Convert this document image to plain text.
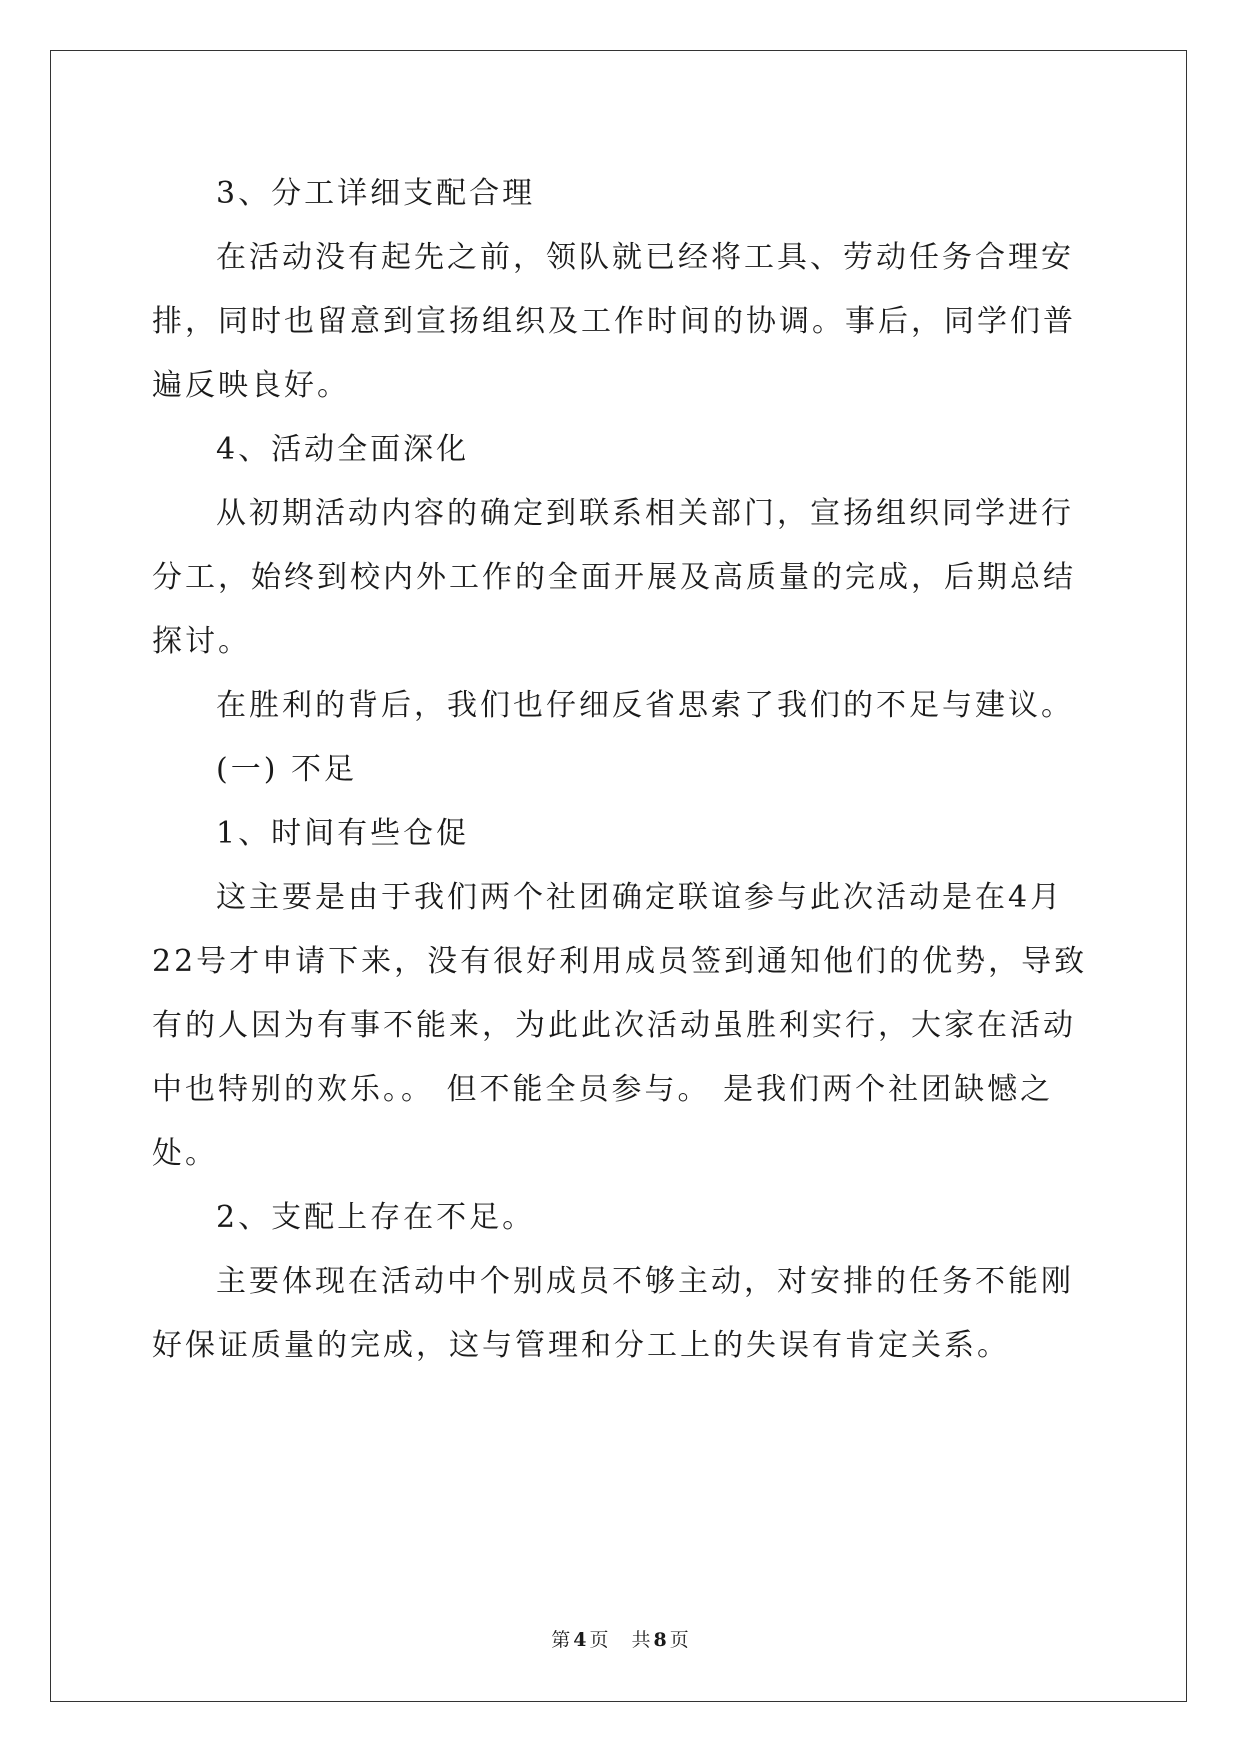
3、分工详细支配合理

在活动没有起先之前，领队就已经将工具、劳动任务合理安排，同时也留意到宣扬组织及工作时间的协调。事后，同学们普遍反映良好。

4、活动全面深化

从初期活动内容的确定到联系相关部门，宣扬组织同学进行分工，始终到校内外工作的全面开展及高质量的完成，后期总结探讨。

在胜利的背后，我们也仔细反省思索了我们的不足与建议。

(一) 不足

1、时间有些仓促

这主要是由于我们两个社团确定联谊参与此次活动是在4月22号才申请下来，没有很好利用成员签到通知他们的优势，导致有的人因为有事不能来，为此此次活动虽胜利实行，大家在活动中也特别的欢乐。。 但不能全员参与。 是我们两个社团缺憾之处。

2、支配上存在不足。

主要体现在活动中个别成员不够主动，对安排的任务不能刚好保证质量的完成，这与管理和分工上的失误有肯定关系。

第 4 页 共 8 页
